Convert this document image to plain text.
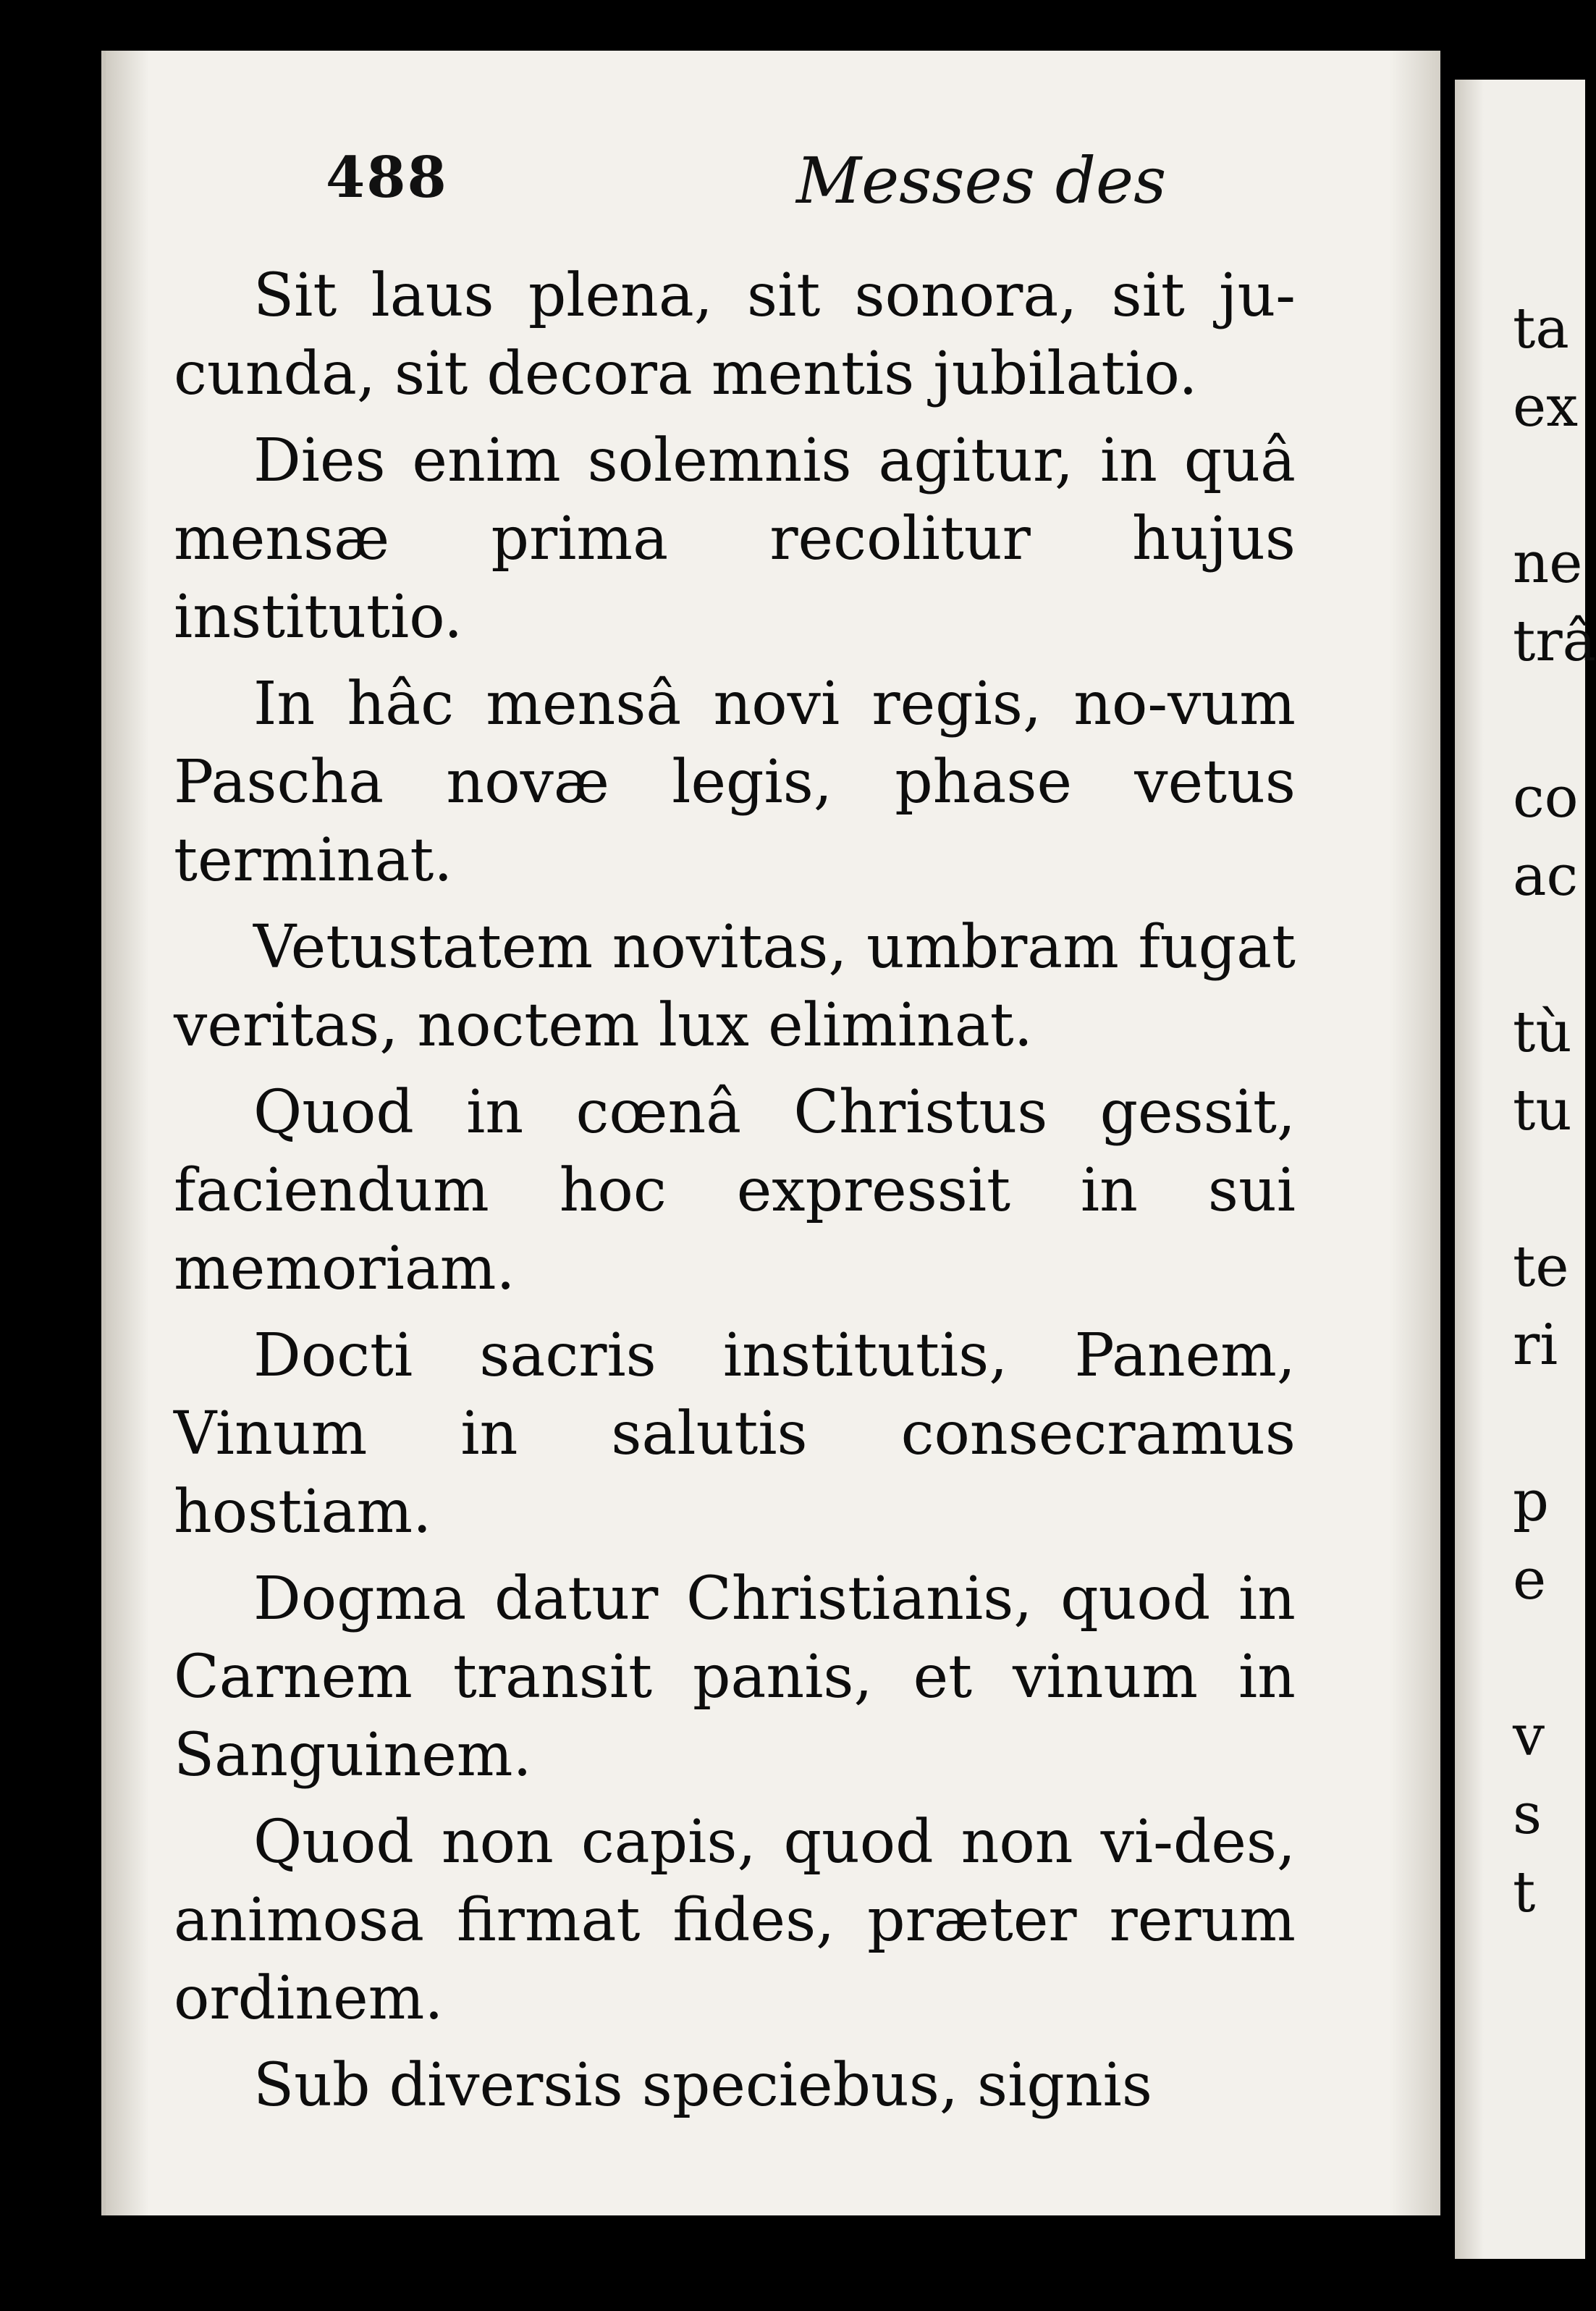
488	Messes des

Sit laus plena, sit sonora, sit ju-cunda, sit decora mentis jubilatio.

Dies enim solemnis agitur, in quâ mensæ prima recolitur hujus institutio.

In hâc mensâ novi regis, no-vum Pascha novæ legis, phase vetus terminat.

Vetustatem novitas, umbram fugat veritas, noctem lux eliminat.

Quod in cœnâ Christus gessit, faciendum hoc expressit in sui memoriam.

Docti sacris institutis, Panem, Vinum in salutis consecramus hostiam.

Dogma datur Christianis, quod in Carnem transit panis, et vinum in Sanguinem.

Quod non capis, quod non vi-des, animosa firmat fides, præter rerum ordinem.

Sub diversis speciebus, signis

ta
ex
ne
trâ
co
ac
tù
tu
te
ri
p
e
v
s
t
